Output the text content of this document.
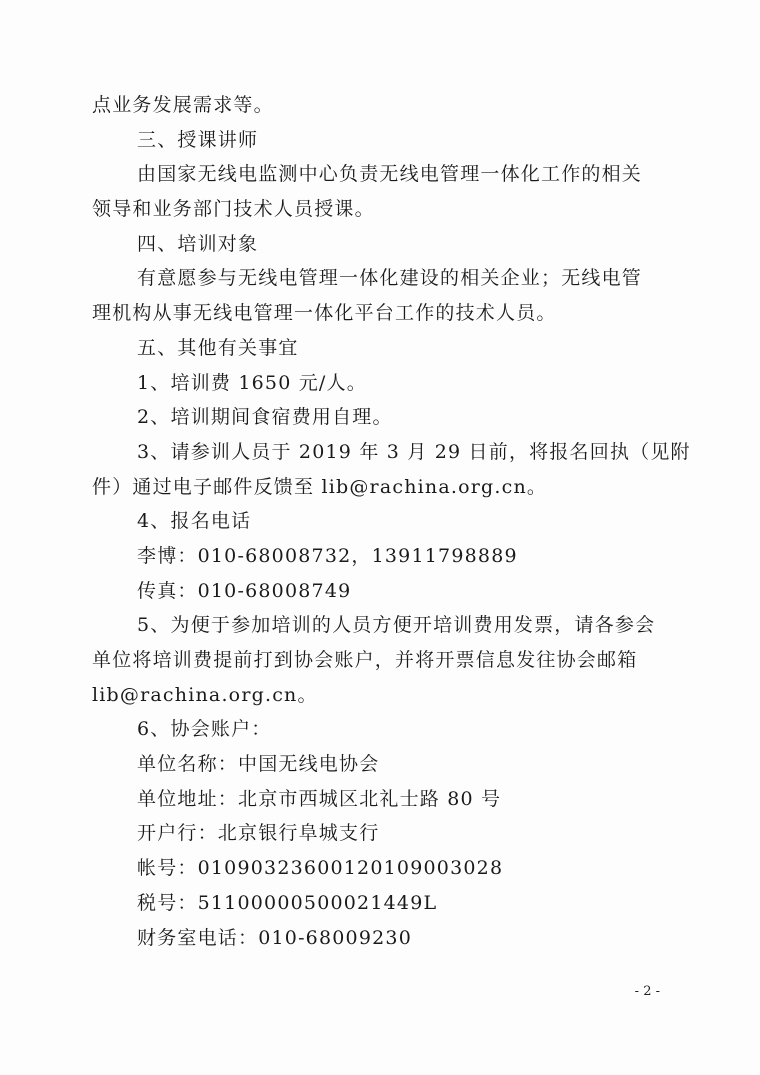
点业务发展需求等。
三、授课讲师
由国家无线电监测中心负责无线电管理一体化工作的相关
领导和业务部门技术人员授课。
四、培训对象
有意愿参与无线电管理一体化建设的相关企业；无线电管
理机构从事无线电管理一体化平台工作的技术人员。
五、其他有关事宜
1、培训费 1650 元/人。
2、培训期间食宿费用自理。
3、请参训人员于 2019 年 3 月 29 日前，将报名回执（见附
件）通过电子邮件反馈至 lib@rachina.org.cn。
4、报名电话
李博：010-68008732，13911798889
传真：010-68008749
5、为便于参加培训的人员方便开培训费用发票，请各参会
单位将培训费提前打到协会账户，并将开票信息发往协会邮箱
lib@rachina.org.cn。
6、协会账户：
单位名称：中国无线电协会
单位地址：北京市西城区北礼士路 80 号
开户行：北京银行阜城支行
帐号：01090323600120109003028
税号：51100000500021449L
财务室电话：010-68009230
- 2 -
